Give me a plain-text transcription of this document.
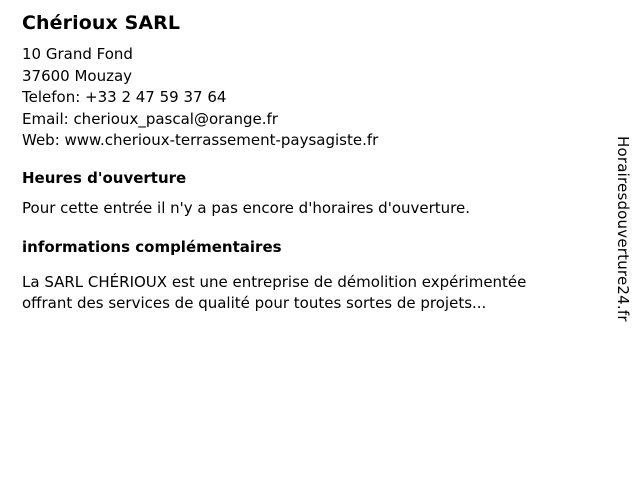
Chérioux SARL
10 Grand Fond
37600 Mouzay
Telefon: +33 2 47 59 37 64
Email: cherioux_pascal@orange.fr
Web: www.cherioux-terrassement-paysagiste.fr
Heures d'ouverture

Pour cette entrée il n'y a pas encore d'horaires d'ouverture.

informations complémentaires

La SARL CHÉRIOUX est une entreprise de démolition expérimentée offrant des services de qualité pour toutes sortes de projets...	Horairesdouverture24.fr
